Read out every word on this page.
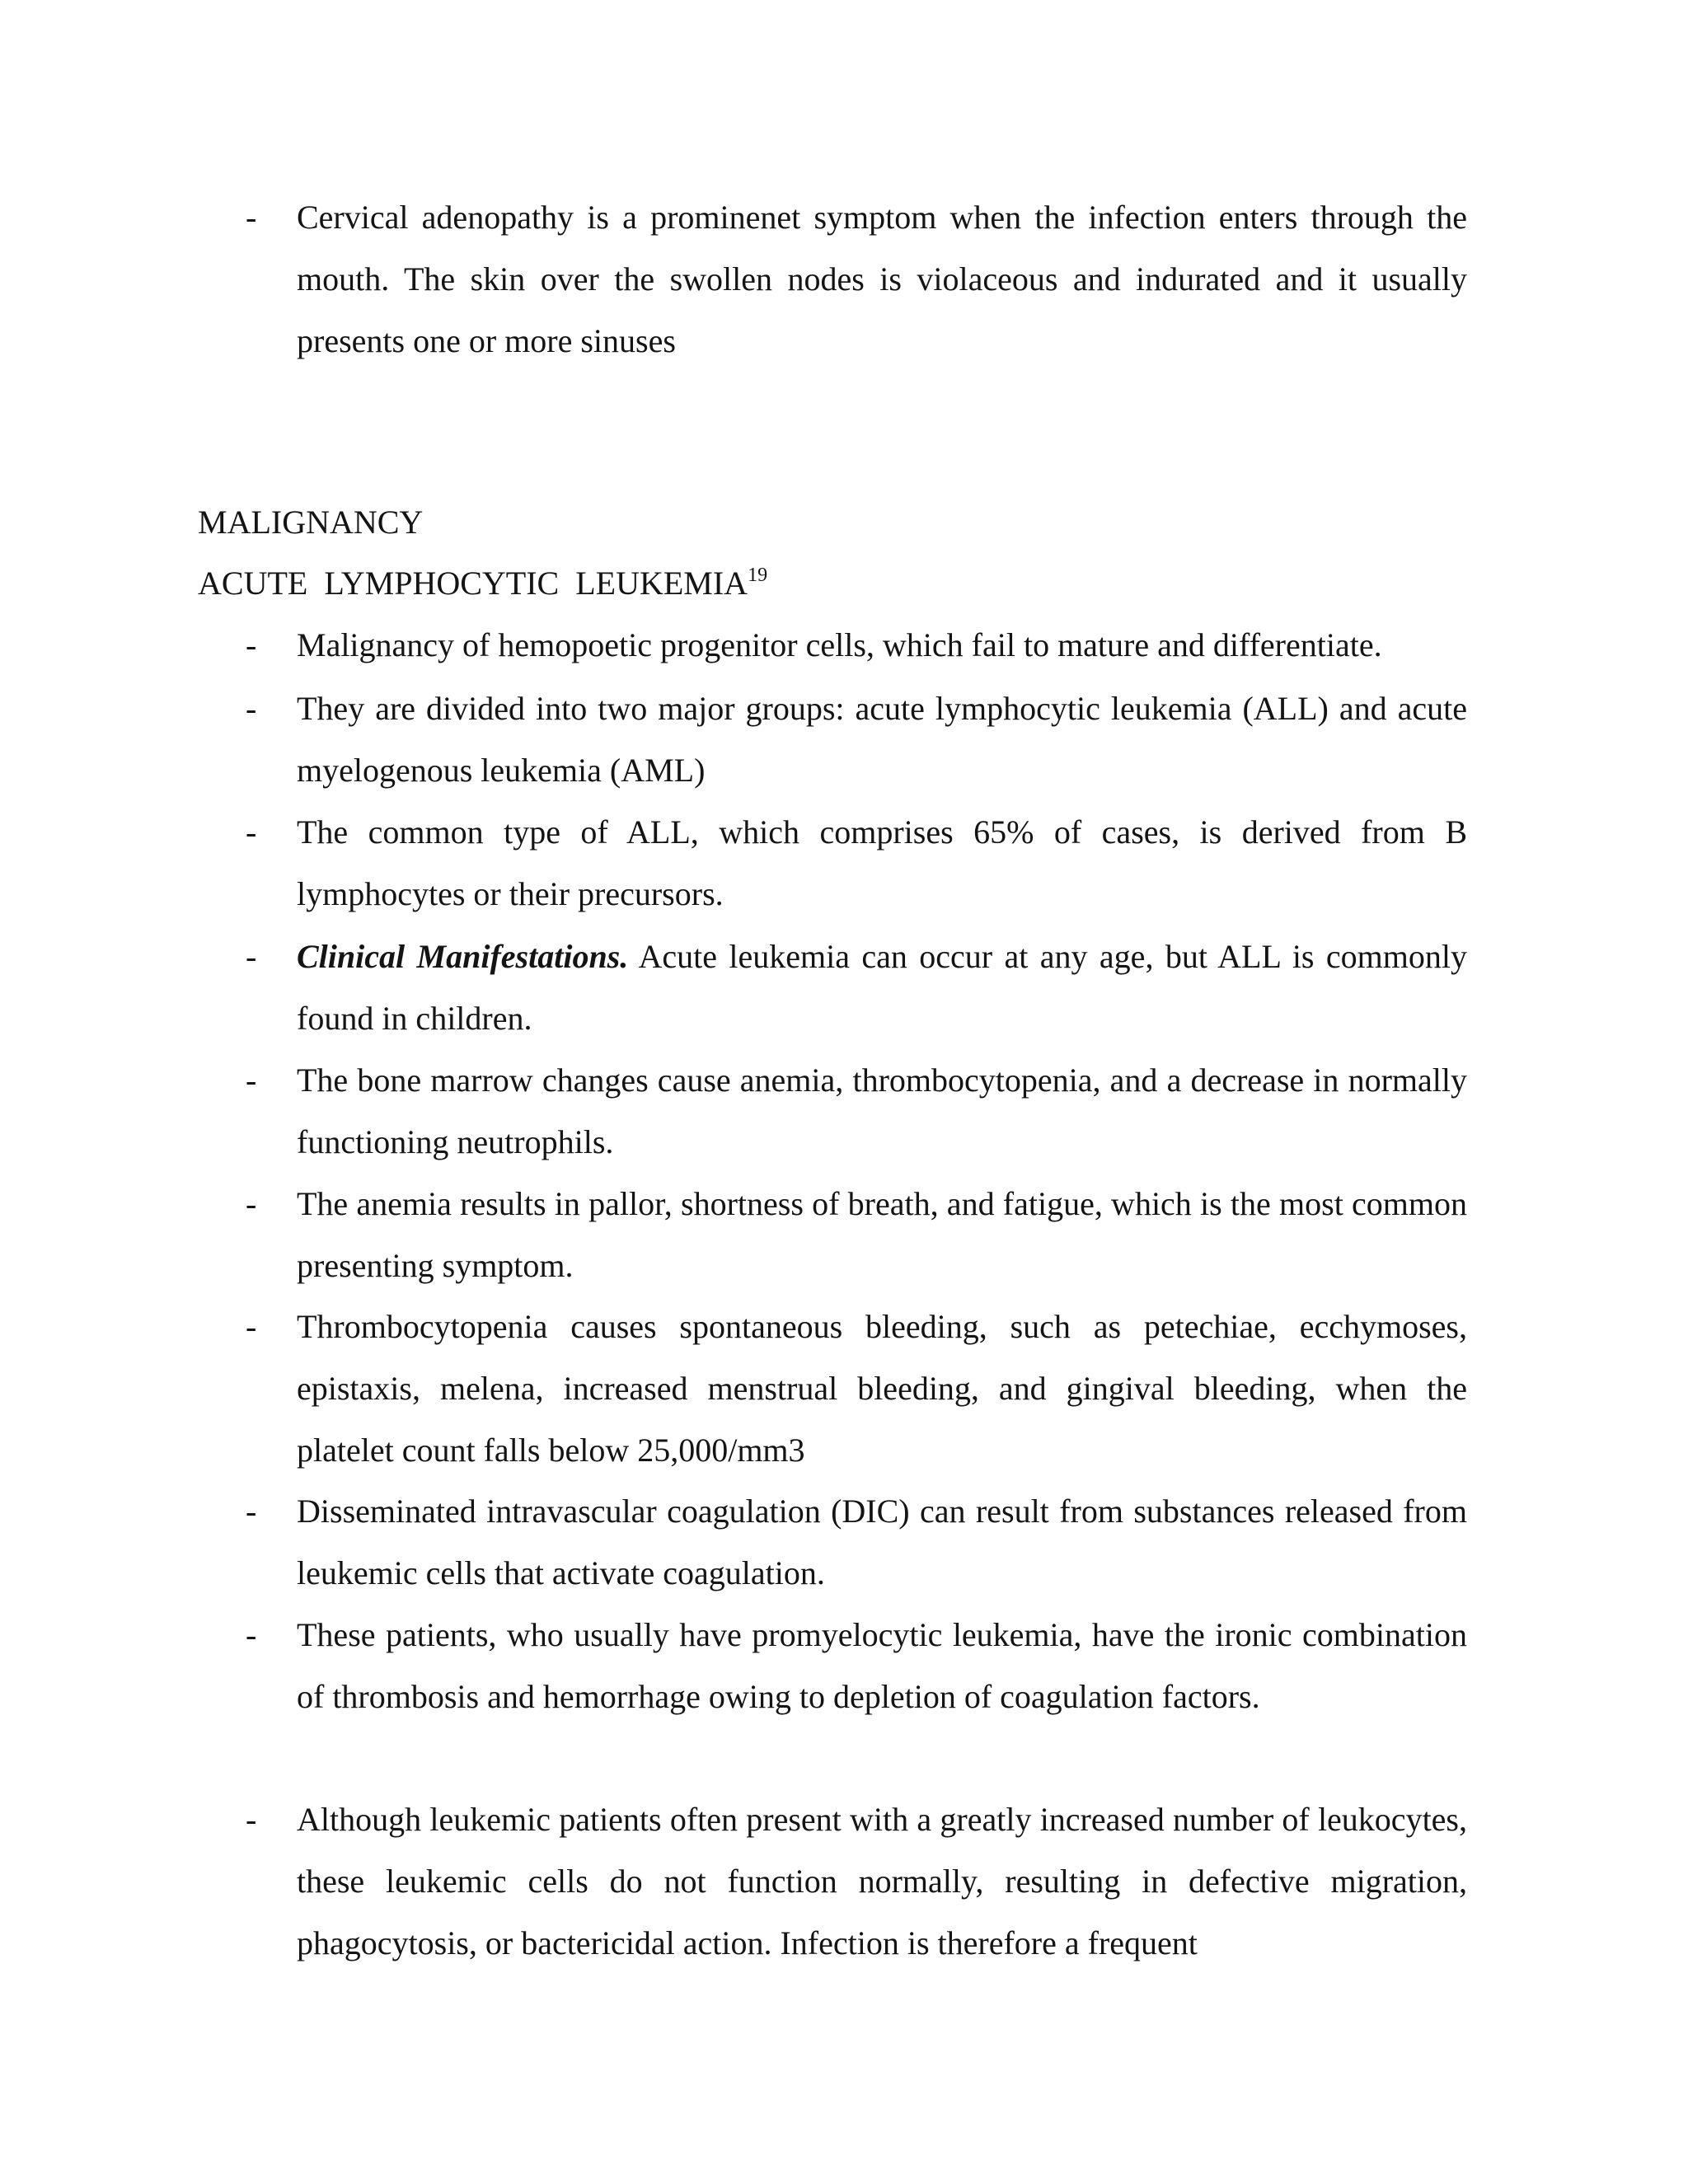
- Cervical adenopathy is a prominenet symptom when the infection enters through the mouth. The skin over the swollen nodes is violaceous and indurated and it usually presents one or more sinuses
MALIGNANCY
ACUTE LYMPHOCYTIC LEUKEMIA$^{19}$
- Malignancy of hemopoetic progenitor cells, which fail to mature and differentiate.
- They are divided into two major groups: acute lymphocytic leukemia (ALL) and acute myelogenous leukemia (AML)
- The common type of ALL, which comprises 65% of cases, is derived from B lymphocytes or their precursors.
- Clinical Manifestations. Acute leukemia can occur at any age, but ALL is commonly found in children.
- The bone marrow changes cause anemia, thrombocytopenia, and a decrease in normally functioning neutrophils.
- The anemia results in pallor, shortness of breath, and fatigue, which is the most common presenting symptom.
- Thrombocytopenia causes spontaneous bleeding, such as petechiae, ecchymoses, epistaxis, melena, increased menstrual bleeding, and gingival bleeding, when the platelet count falls below 25,000/mm3
- Disseminated intravascular coagulation (DIC) can result from substances released from leukemic cells that activate coagulation.
- These patients, who usually have promyelocytic leukemia, have the ironic combination of thrombosis and hemorrhage owing to depletion of coagulation factors.
- Although leukemic patients often present with a greatly increased number of leukocytes, these leukemic cells do not function normally, resulting in defective migration, phagocytosis, or bactericidal action. Infection is therefore a frequent
